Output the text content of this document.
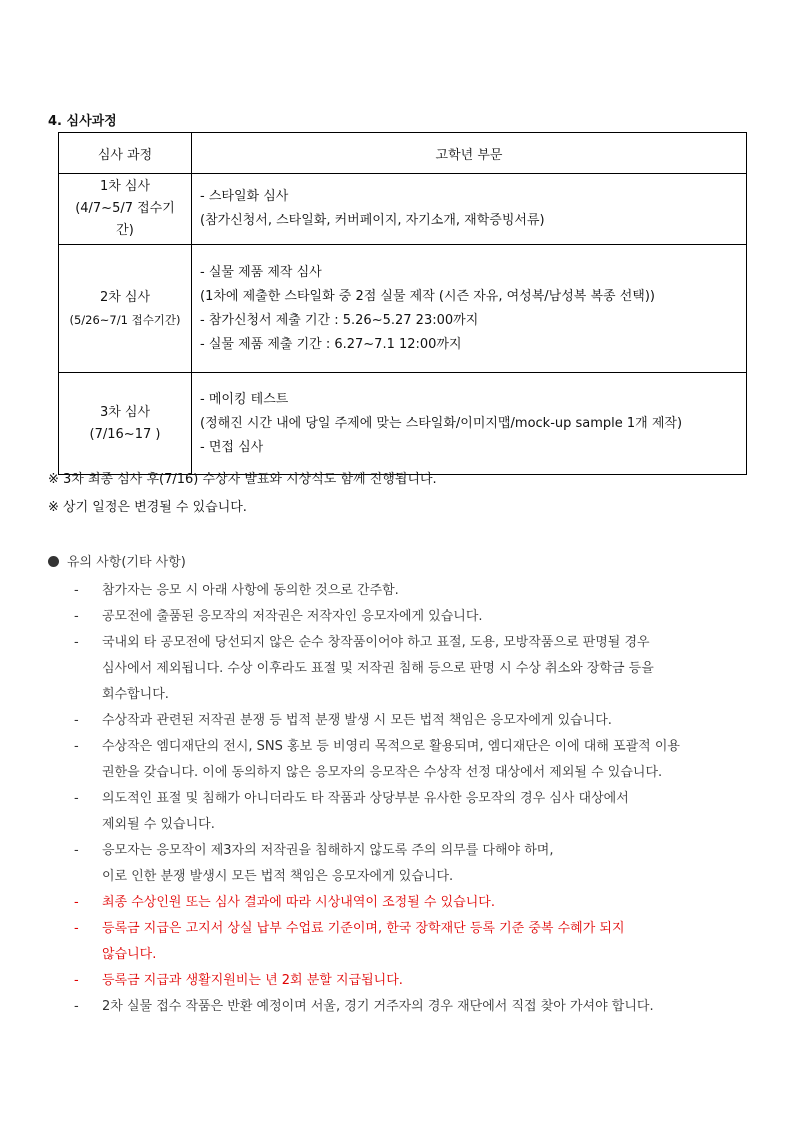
4. 심사과정
심사 과정	고학년 부문

1차 심사
(4/7~5/7 접수기간)	- 스타일화 심사
(참가신청서, 스타일화, 커버페이지, 자기소개, 재학증빙서류)

2차 심사
(5/26~7/1 접수기간)	- 실물 제품 제작 심사
(1차에 제출한 스타일화 중 2점 실물 제작 (시즌 자유, 여성복/남성복 복종 선택))
- 참가신청서 제출 기간 : 5.26~5.27 23:00까지
- 실물 제품 제출 기간 : 6.27~7.1 12:00까지

3차 심사
(7/16~17 )	- 메이킹 테스트
(정해진 시간 내에 당일 주제에 맞는 스타일화/이미지맵/mock-up sample 1개 제작)
- 면접 심사
※ 3차 최종 심사 후(7/16) 수상자 발표와 시상식도 함께 진행됩니다.
※ 상기 일정은 변경될 수 있습니다.
유의 사항(기타 사항)
- 참가자는 응모 시 아래 사항에 동의한 것으로 간주함.
- 공모전에 출품된 응모작의 저작권은 저작자인 응모자에게 있습니다.
- 국내외 타 공모전에 당선되지 않은 순수 창작품이어야 하고 표절, 도용, 모방작품으로 판명될 경우
심사에서 제외됩니다. 수상 이후라도 표절 및 저작권 침해 등으로 판명 시 수상 취소와 장학금 등을
회수합니다.
- 수상작과 관련된 저작권 분쟁 등 법적 분쟁 발생 시 모든 법적 책임은 응모자에게 있습니다.
- 수상작은 엠디재단의 전시, SNS 홍보 등 비영리 목적으로 활용되며, 엠디재단은 이에 대해 포괄적 이용
권한을 갖습니다. 이에 동의하지 않은 응모자의 응모작은 수상작 선정 대상에서 제외될 수 있습니다.
- 의도적인 표절 및 침해가 아니더라도 타 작품과 상당부분 유사한 응모작의 경우 심사 대상에서
제외될 수 있습니다.
- 응모자는 응모작이 제3자의 저작권을 침해하지 않도록 주의 의무를 다해야 하며,
이로 인한 분쟁 발생시 모든 법적 책임은 응모자에게 있습니다.
- 최종 수상인원 또는 심사 결과에 따라 시상내역이 조정될 수 있습니다.
- 등록금 지급은 고지서 상실 납부 수업료 기준이며, 한국 장학재단 등록 기준 중복 수혜가 되지
않습니다.
- 등록금 지급과 생활지원비는 년 2회 분할 지급됩니다.
- 2차 실물 접수 작품은 반환 예정이며 서울, 경기 거주자의 경우 재단에서 직접 찾아 가셔야 합니다.
